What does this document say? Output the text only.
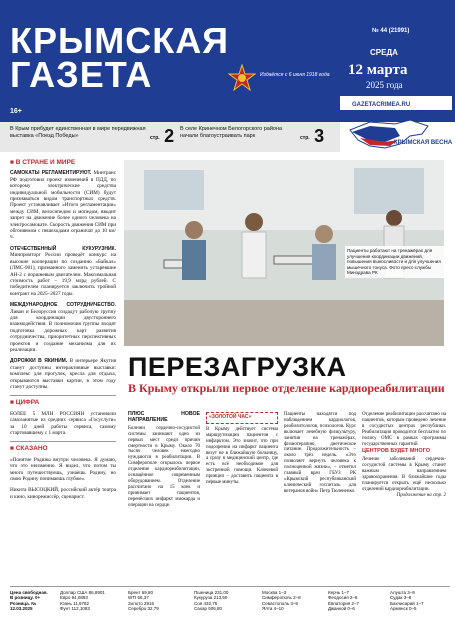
КРЫМСКАЯ
ГАЗЕТА	Издаётся с 6 июня 1918 года
№ 44 (21991)
СРЕДА
12 марта
2025 года
16+
GAZETACRIMEA.RU
КРЫМСКАЯ ВЕСНА
В Крым прибудет единственная в мире передвижная выставка «Поезд Победы»	стр. 2 В селе Кринечном Белогорского района начали благоустраивать парк	стр. 3
■ В СТРАНЕ И МИРЕ
САМОКАТЫ РЕГЛАМЕНТИРУЮТ. Минтранс РФ подготовил проект изменений в ПДД, по которому электрические средства индивидуальной мобильности (СИМ) будут признаваться видом транспортных средств. Проект устанавливает «Итоги регламентации» между СИМ, велосипедом и мопедом, вводит запрет на движение более одного человека на электросамокате. Скорость движения СИМ при обгоняемом с пешеходами ограничат до 10 км/ч.
ОТЕЧЕСТВЕННЫЙ КУКУРУЗНИК. Минпромторг России проведёт конкурс на высокие кооперации по созданию «Байкал» (ЛМС-901), призванного заменить устаревшие АН-2 с поршневым двигателем. Максимальная стоимость работ – 19,9 млрд рублей. С победителем планируется заключить тройной контракт на 2025–2027 годы.
МЕЖДУНАРОДНОЕ СОТРУДНИЧЕСТВО. Ливан и Белоруссия создадут рабочую группу для координации двустороннего взаимодействия. В полномочия группы входят подготовка дорожных карт развития сотрудничества, приоритетных перспективных проектов и создание механизма для их реализации.
ДОРОЖКИ В ЯКИНИМ. В интерьере Якутия станут доступны интерактивные выставки: комплекс для прогулок, кресла для отдыха, открываются выставки картин, в этом году станут доступны.
■ ЦИФРА
БОЛЕЕ 5 МЛН РОССИЯН установили самозанятые из средних сервиса «Госуслуги» за 10 дней работы сервиса, самому стартовавшему с 1 марта.
■ СКАЗАНО
«Понятие Родины внутри человека. Я думаю, что это неизменно. Я видел, что потом ты много путешествуешь, узнаёшь Родину, но свою Родину понимаешь глубже».
Никита ВЫСОЦКИЙ, российский актёр театра и кино, кинорежиссёр, сценарист.
Пациенты работают на тренажёрах для улучшения координации движений, повышения выносливости и для улучшения мышечного тонуса. Фото пресс-службы Минздрава РК
ПЕРЕЗАГРУЗКА
В Крыму открыли первое отделение кардиореабилитации
ПЛЮС НОВОЕ НАПРАВЛЕНИЕ
Болезни сердечно-сосудистой системы занимают одно из первых мест среди причин смертности в Крыму. Около 70 тысяч человек ежегодно нуждаются в реабилитации. В Симферополе открылось первое отделение кардиореабилитации, оснащённое современным оборудованием. Отделение рассчитано на 15 коек и принимает пациентов, перенёсших инфаркт миокарда и операции на сердце.
«ЗОЛОТОЙ ЧАС»
В Крыму действует система маршрутизации пациентов с инфарктом. Это значит, что при подозрении на инфаркт пациента везут не в ближайшую больницу, а сразу в медицинский центр, где есть всё необходимое для экстренной помощи. Ключевой принцип – доставить пациента в первые минуты.
Пациенты находятся под наблюдением кардиологов, реабилитологов, психологов. Курс включает лечебную физкультуру, занятия на тренажёрах, физиотерапию, диетическое питание. Продолжительность – около трёх недель. «Это позволяет вернуть человека к полноценной жизни», – отметил главный врач ГБУЗ РК «Крымский республиканский клинический госпиталь для ветеранов войн» Петр Тюлененко.
Отделение реабилитации рассчитано на пациентов, которым проведено лечение в сосудистых центрах республики. Реабилитация проводится бесплатно по полису ОМС в рамках программы государственных гарантий.
ЦЕНТРОВ БУДЕТ МНОГО
Лечение заболеваний сердечно-сосудистой системы в Крыму станет важным направлением здравоохранения. В ближайшие годы планируется открыть ещё несколько отделений кардиореабилитации.
Продолжение на стр. 2
Цена свободная. В розницу. 0+ Розница. № 12.03.2025
Доллар США 86,8901
Евро 94,0893
Юань 11,9782
Фунт 112,1083
Брент 69,80
WTI 66,37
Золото 2916
Серебро 32,79
Пшеница 231,00
Кукуруза 213,50
Соя 432,75
Сахар 506,80
Москва 1–3
Симферополь 2–8
Севастополь 3–9
Ялта 4–10
Керчь 1–7
Феодосия 2–8
Евпатория 2–7
Джанкой 0–6
Алушта 3–9
Судак 3–8
Бахчисарай 1–7
Армянск 0–5
